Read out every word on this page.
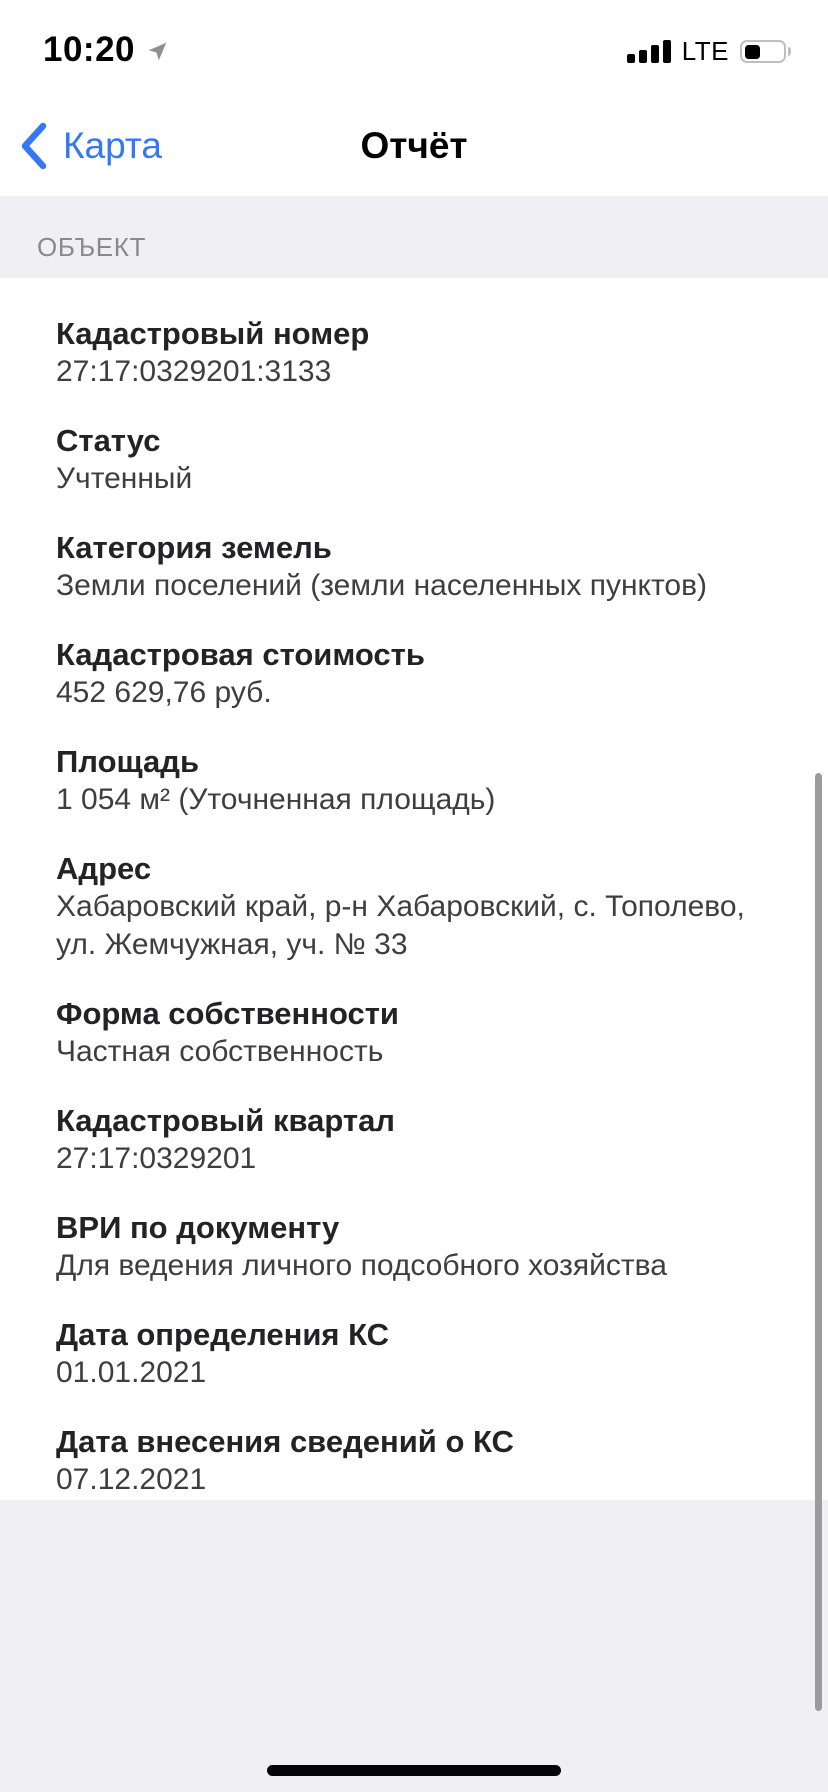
10:20	LTE
Карта	Отчёт
ОБЪЕКТ
Кадастровый номер
27:17:0329201:3133
Статус
Учтенный
Категория земель
Земли поселений (земли населенных пунктов)
Кадастровая стоимость
452 629,76 руб.
Площадь
1 054 м² (Уточненная площадь)
Адрес
Хабаровский край, р-н Хабаровский, с. Тополево, ул. Жемчужная, уч. № 33
Форма собственности
Частная собственность
Кадастровый квартал
27:17:0329201
ВРИ по документу
Для ведения личного подсобного хозяйства
Дата определения КС
01.01.2021
Дата внесения сведений о КС
07.12.2021
